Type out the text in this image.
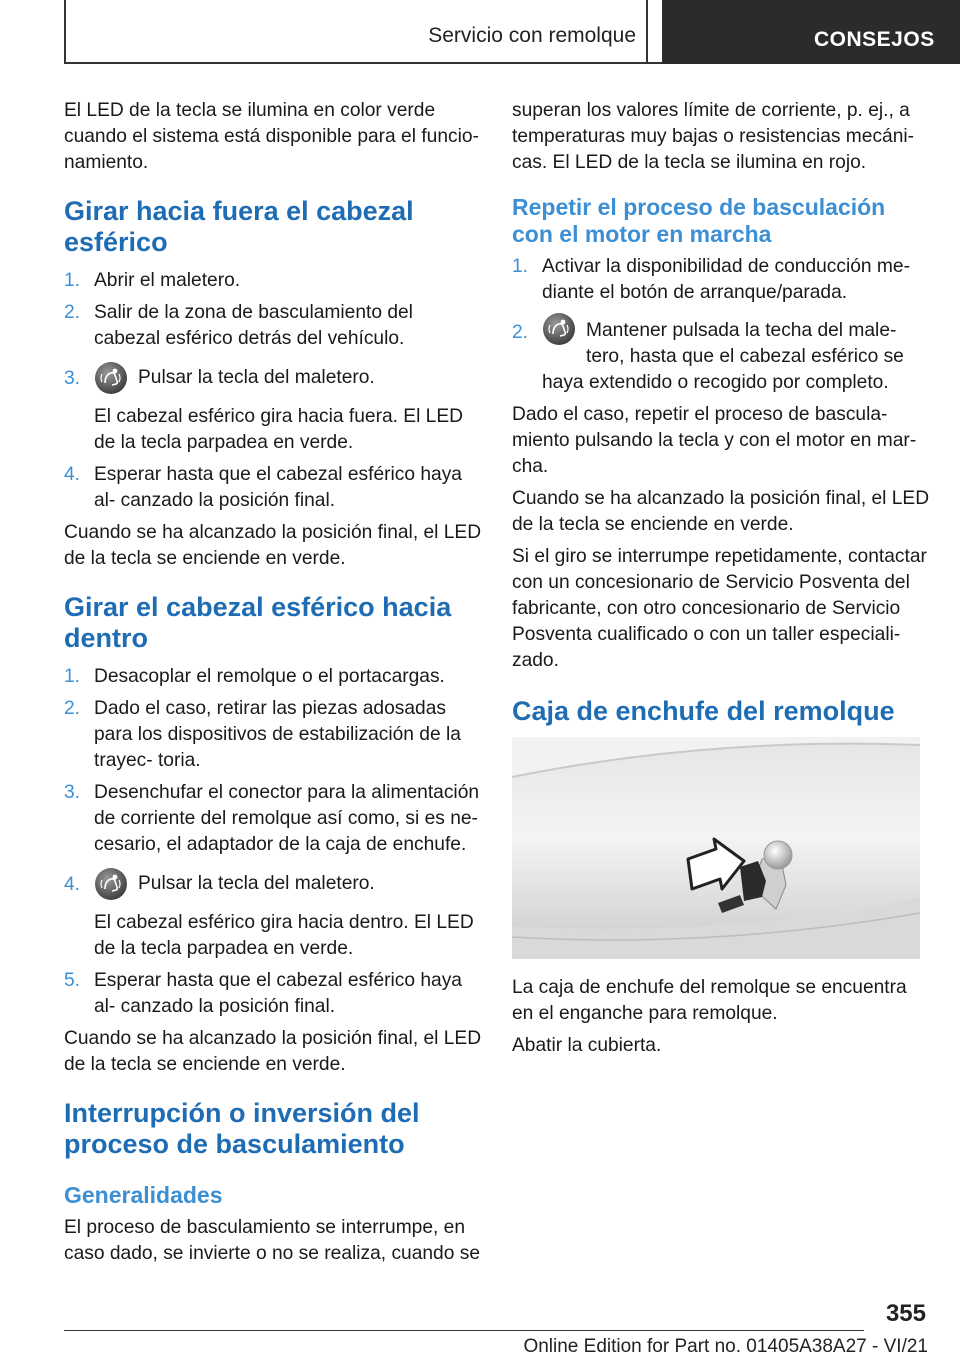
Servicio con remolque	CONSEJOS

El LED de la tecla se ilumina en color verde cuando el sistema está disponible para el funcio- namiento.

Girar hacia fuera el cabezal esférico
1. Abrir el maletero.
2. Salir de la zona de basculamiento del cabezal esférico detrás del vehículo.
3.	Pulsar la tecla del maletero.
El cabezal esférico gira hacia fuera. El LED de la tecla parpadea en verde.
4. Esperar hasta que el cabezal esférico haya al- canzado la posición final.

Cuando se ha alcanzado la posición final, el LED de la tecla se enciende en verde.

Girar el cabezal esférico hacia dentro
1. Desacoplar el remolque o el portacargas.
2. Dado el caso, retirar las piezas adosadas para los dispositivos de estabilización de la trayec- toria.
3. Desenchufar el conector para la alimentación de corriente del remolque así como, si es ne- cesario, el adaptador de la caja de enchufe.
4.	Pulsar la tecla del maletero.
El cabezal esférico gira hacia dentro. El LED de la tecla parpadea en verde.
5. Esperar hasta que el cabezal esférico haya al- canzado la posición final.

Cuando se ha alcanzado la posición final, el LED de la tecla se enciende en verde.

Interrupción o inversión del proceso de basculamiento
Generalidades

El proceso de basculamiento se interrumpe, en caso dado, se invierte o no se realiza, cuando se

superan los valores límite de corriente, p. ej., a temperaturas muy bajas o resistencias mecáni- cas. El LED de la tecla se ilumina en rojo.

Repetir el proceso de basculación con el motor en marcha
1. Activar la disponibilidad de conducción me- diante el botón de arranque/parada.
2.	Mantener pulsada la techa del male- tero, hasta que el cabezal esférico se haya extendido o recogido por completo.

Dado el caso, repetir el proceso de bascula- miento pulsando la tecla y con el motor en mar- cha.

Cuando se ha alcanzado la posición final, el LED de la tecla se enciende en verde.

Si el giro se interrumpe repetidamente, contactar con un concesionario de Servicio Posventa del fabricante, con otro concesionario de Servicio Posventa cualificado o con un taller especiali- zado.

Caja de enchufe del remolque

La caja de enchufe del remolque se encuentra en el enganche para remolque.

Abatir la cubierta.

355
Online Edition for Part no. 01405A38A27 - VI/21
